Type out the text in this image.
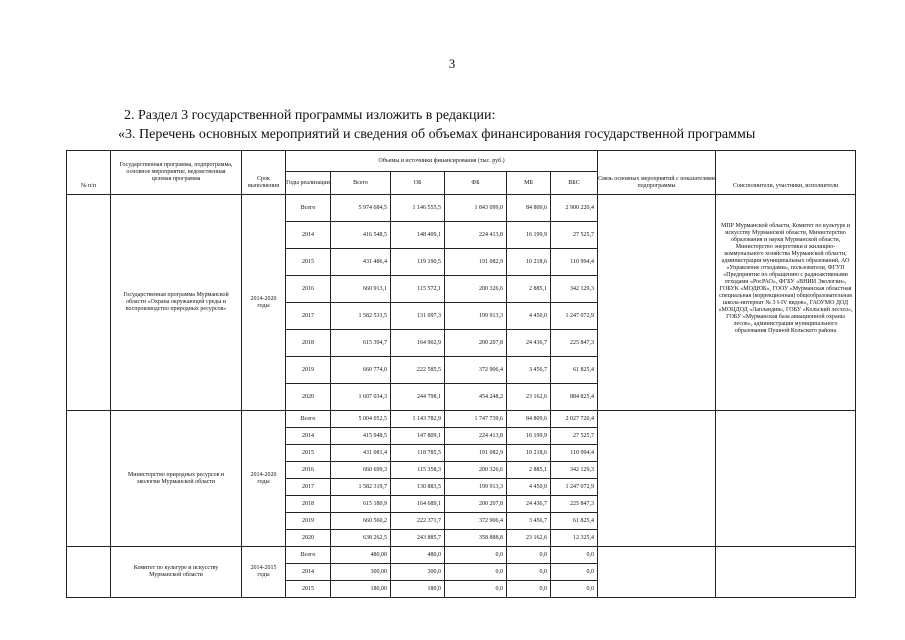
3
2. Раздел 3 государственной программы изложить в редакции:
«3. Перечень основных мероприятий и сведения об объемах финансирования государственной программы
№ п/п	Государственная программа, подпрограмма, основное мероприятие, ведомственная целевая программа	Срок выполнения	Объемы и источники финансирования (тыс. руб.)						Связь основных мероприятий с показателями подпрограммы	Соисполнители, участники, исполнители
			Годы реализации	Всего	ОБ	ФБ	МБ	ВБС		
	Государственная программа Мурманской области «Охрана окружающей среды и воспроизводство природных ресурсов»	2014-2020 годы	Всего	5 974 684,5	1 146 555,5	1 843 099,0	84 809,6	2 900 220,4		МПР Мурманской области, Комитет по культуре и искусству Мурманской области, Министерство образования и науки Мурманской области, Министерство энергетики и жилищно-коммунального хозяйства Мурманской области, администрации муниципальных образований, АО «Управление отходами», пользователи, ФГУП «Предприятие по обращению с радиоактивными отходами «РосРАО», ФГБУ «ВНИИ Экологии», ГОБУК «МОДЮБ», ГООУ «Мурманская областная специальная (коррекционная) общеобразовательная школа-интернат № 3 I-IV видов», ГАОУМО ДОД «МОЦДОД «Лапландия», ГОБУ «Кольский лесхоз», ГОБУ «Мурманская база авиационной охраны лесов», администрация муниципального образования Пушной Кольского района
			2014	416 548,5	148 409,1	224 413,8	16 199,9	27 525,7		
			2015	431 486,4	119 190,5	191 082,9	10 218,6	110 994,4		
			2016	660 913,1	115 572,1	200 326,6	2 885,1	342 129,3		
			2017	1 582 533,5	131 097,3	199 913,3	4 450,0	1 247 072,9		
			2018	615 394,7	164 902,9	200 207,8	24 436,7	225 847,3		
			2019	660 774,0	222 585,5	372 906,4	3 456,7	61 825,4		
			2020	1 607 034,3	244 798,1	454 248,2	23 162,6	884 825,4		
	Министерство природных ресурсов и экологии Мурманской области	2014-2020 годы	Всего	5 004 052,5	1 143 782,9	1 747 739,6	84 809,6	2 027 720,4		
			2014	415 948,5	147 809,1	224 413,8	16 199,9	27 525,7		
			2015	431 081,4	118 785,5	191 082,9	10 218,6	110 994,4		
			2016	660 699,3	115 358,3	200 326,6	2 885,1	342 129,3		
			2017	1 582 319,7	130 883,5	199 913,3	4 450,0	1 247 072,9		
			2018	615 180,9	164 689,1	200 207,8	24 436,7	225 847,3		
			2019	660 560,2	222 371,7	372 906,4	3 456,7	61 825,4		
			2020	638 262,5	243 885,7	358 888,8	23 162,6	12 325,4		
	Комитет по культуре и искусству Мурманской области	2014-2015 годы	Всего	480,00	480,0	0,0	0,0	0,0		
			2014	300,00	300,0	0,0	0,0	0,0		
			2015	180,00	180,0	0,0	0,0	0,0		
